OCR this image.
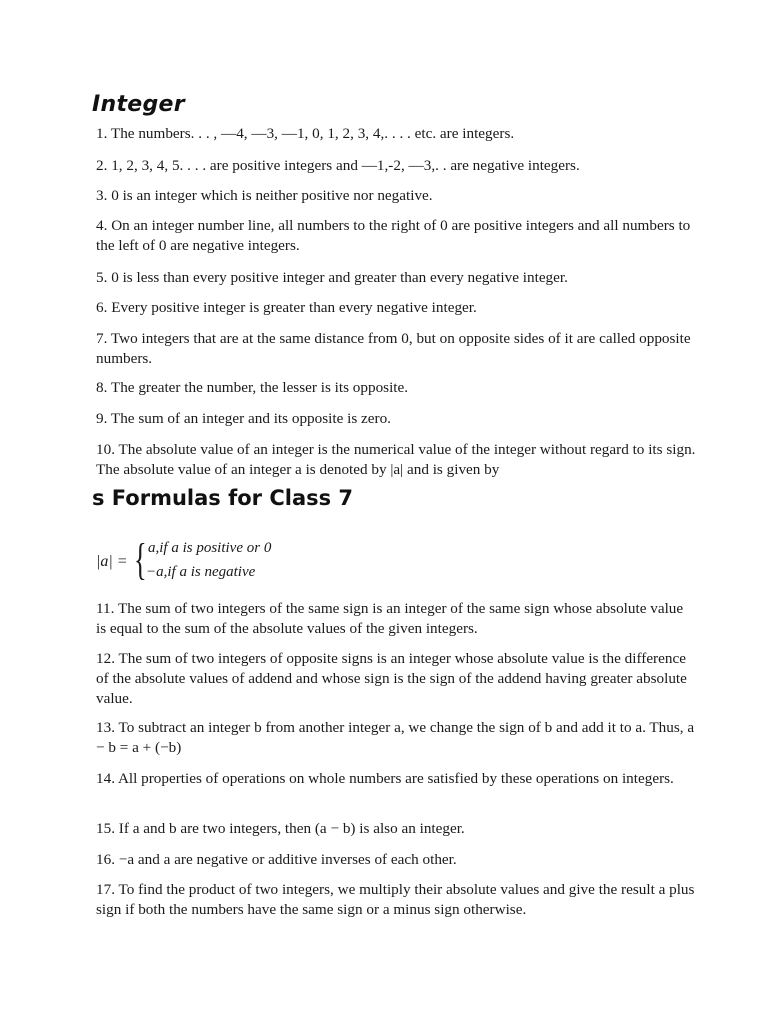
Integer

1. The numbers. . . , —4, —3, —1, 0, 1, 2, 3, 4,. . . . etc. are integers.

2. 1, 2, 3, 4, 5. . . . are positive integers and —1,-2, —3,. . are negative integers.

3. 0 is an integer which is neither positive nor negative.

4. On an integer number line, all numbers to the right of 0 are positive integers and all numbers to the left of 0 are negative integers.

5. 0 is less than every positive integer and greater than every negative integer.

6. Every positive integer is greater than every negative integer.

7. Two integers that are at the same distance from 0, but on opposite sides of it are called opposite numbers.

8. The greater the number, the lesser is its opposite.

9. The sum of an integer and its opposite is zero.

10. The absolute value of an integer is the numerical value of the integer without regard to its sign. The absolute value of an integer a is denoted by |a| and is given by

s Formulas for Class 7
|a| = { a,if a is positive or 0
−a,if a is negative

11. The sum of two integers of the same sign is an integer of the same sign whose absolute value is equal to the sum of the absolute values of the given integers.

12. The sum of two integers of opposite signs is an integer whose absolute value is the difference of the absolute values of addend and whose sign is the sign of the addend having greater absolute value.

13. To subtract an integer b from another integer a, we change the sign of b and add it to a. Thus, a − b = a + (−b)

14. All properties of operations on whole numbers are satisfied by these operations on integers.

15. If a and b are two integers, then (a − b) is also an integer.

16. −a and a are negative or additive inverses of each other.

17. To find the product of two integers, we multiply their absolute values and give the result a plus sign if both the numbers have the same sign or a minus sign otherwise.
